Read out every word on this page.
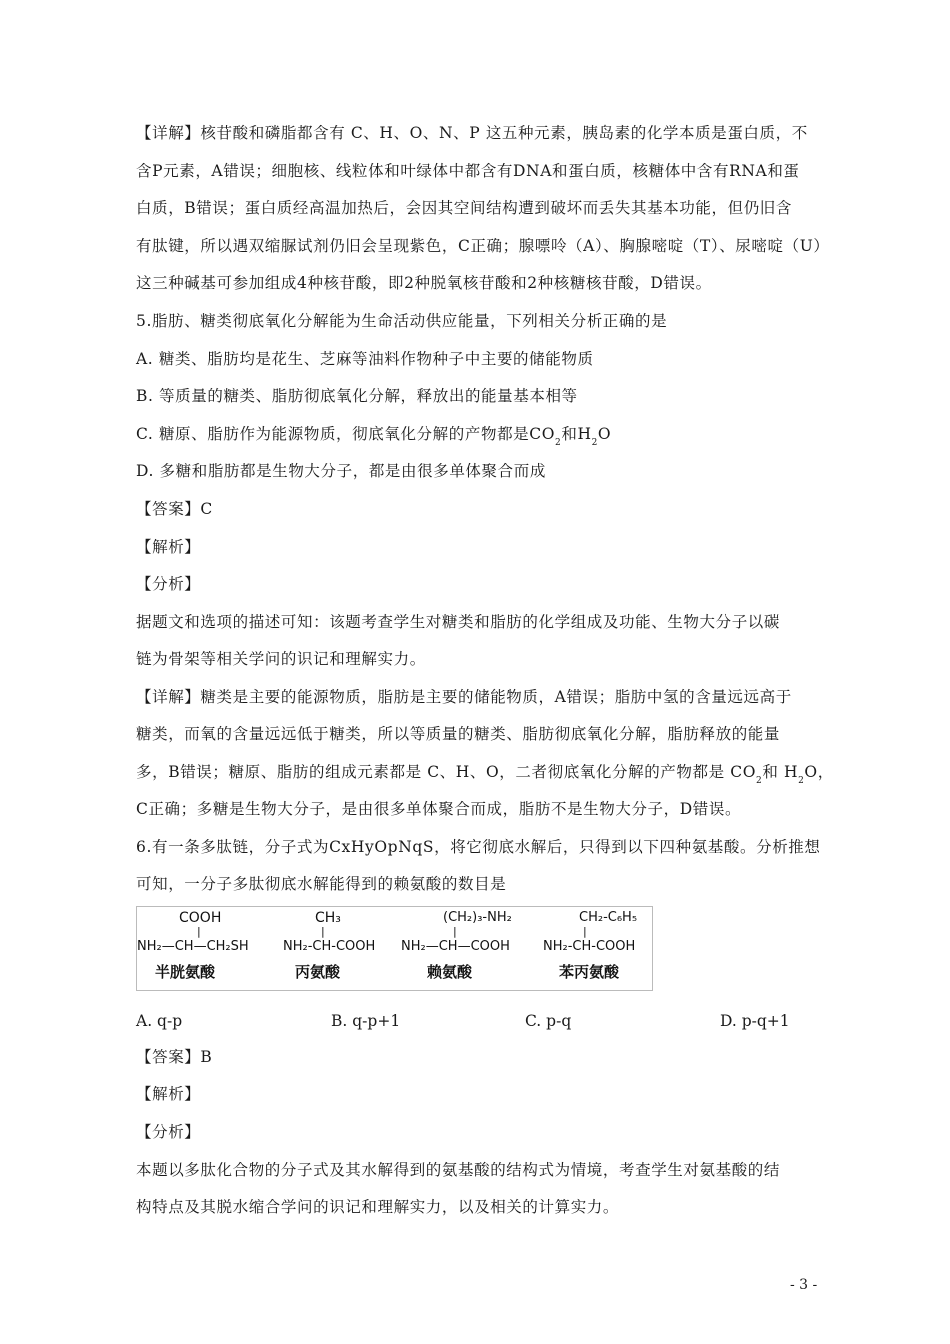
【详解】核苷酸和磷脂都含有 C、H、O、N、P 这五种元素，胰岛素的化学本质是蛋白质，不
含P元素，A错误；细胞核、线粒体和叶绿体中都含有DNA和蛋白质，核糖体中含有RNA和蛋
白质，B错误；蛋白质经高温加热后，会因其空间结构遭到破坏而丢失其基本功能，但仍旧含
有肽键，所以遇双缩脲试剂仍旧会呈现紫色，C正确；腺嘌呤（A）、胸腺嘧啶（T）、尿嘧啶（U）
这三种碱基可参加组成4种核苷酸，即2种脱氧核苷酸和2种核糖核苷酸，D错误。
5.脂肪、糖类彻底氧化分解能为生命活动供应能量，下列相关分析正确的是
A. 糖类、脂肪均是花生、芝麻等油料作物种子中主要的储能物质
B. 等质量的糖类、脂肪彻底氧化分解，释放出的能量基本相等
C. 糖原、脂肪作为能源物质，彻底氧化分解的产物都是$CO_2$和$H_2O$
D. 多糖和脂肪都是生物大分子，都是由很多单体聚合而成
【答案】C
【解析】
【分析】
据题文和选项的描述可知：该题考查学生对糖类和脂肪的化学组成及功能、生物大分子以碳
链为骨架等相关学问的识记和理解实力。
【详解】糖类是主要的能源物质，脂肪是主要的储能物质，A错误；脂肪中氢的含量远远高于
糖类，而氧的含量远远低于糖类，所以等质量的糖类、脂肪彻底氧化分解，脂肪释放的能量
多，B错误；糖原、脂肪的组成元素都是 C、H、O，二者彻底氧化分解的产物都是 $CO_2$和 $H_2O$，
C正确；多糖是生物大分子，是由很多单体聚合而成，脂肪不是生物大分子，D错误。
6.有一条多肽链，分子式为CxHyOpNqS，将它彻底水解后，只得到以下四种氨基酸。分析推想
可知，一分子多肽彻底水解能得到的赖氨酸的数目是
COOH
|
NH₂—CH—CH₂SH
半胱氨酸
CH₃
|
NH₂-CH-COOH
丙氨酸
(CH₂)₃-NH₂
|
NH₂—CH—COOH
赖氨酸
CH₂-C₆H₅
|
NH₂-CH-COOH
苯丙氨酸
A. q-p	B. q-p+1	C. p-q	D. p-q+1
【答案】B
【解析】
【分析】
本题以多肽化合物的分子式及其水解得到的氨基酸的结构式为情境，考查学生对氨基酸的结
构特点及其脱水缩合学问的识记和理解实力，以及相关的计算实力。
- 3 -
